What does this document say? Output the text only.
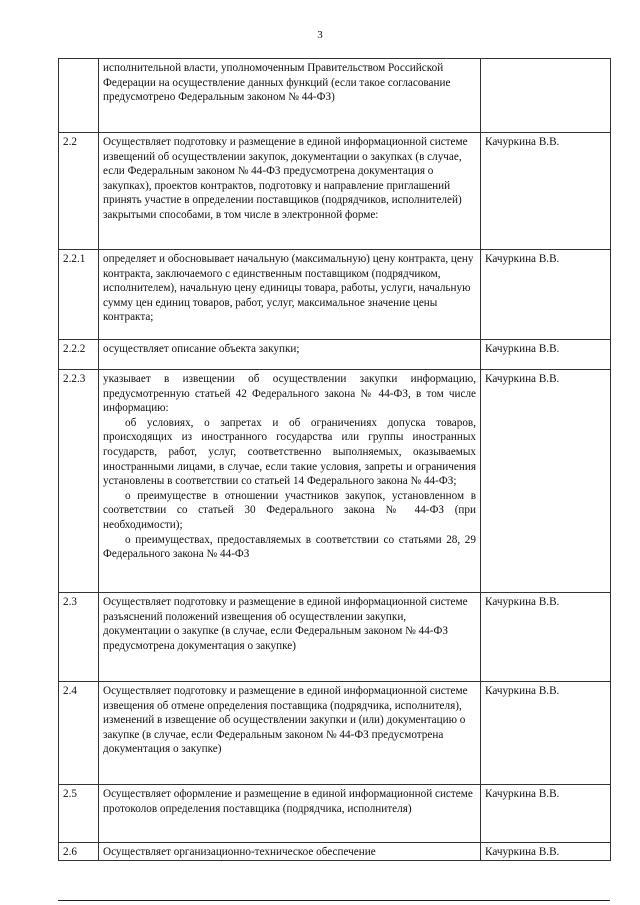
3
	исполнительной власти, уполномоченным Правительством Российской Федерации на осуществление данных функций (если такое согласование предусмотрено Федеральным законом № 44-ФЗ)	
2.2	Осуществляет подготовку и размещение в единой информационной системе извещений об осуществлении закупок, документации о закупках (в случае, если Федеральным законом № 44-ФЗ предусмотрена документация о закупках), проектов контрактов, подготовку и направление приглашений принять участие в определении поставщиков (подрядчиков, исполнителей) закрытыми способами, в том числе в электронной форме:	Качуркина В.В.
2.2.1	определяет и обосновывает начальную (максимальную) цену контракта, цену контракта, заключаемого с единственным поставщиком (подрядчиком, исполнителем), начальную цену единицы товара, работы, услуги, начальную сумму цен единиц товаров, работ, услуг, максимальное значение цены контракта;	Качуркина В.В.
2.2.2	осуществляет описание объекта закупки;	Качуркина В.В.
2.2.3	указывает в извещении об осуществлении закупки информацию, предусмотренную статьей 42 Федерального закона № 44-ФЗ, в том числе информацию:

об условиях, о запретах и об ограничениях допуска товаров, происходящих из иностранного государства или группы иностранных государств, работ, услуг, соответственно выполняемых, оказываемых иностранными лицами, в случае, если такие условия, запреты и ограничения установлены в соответствии со статьей 14 Федерального закона № 44-ФЗ;

о преимуществе в отношении участников закупок, установленном в соответствии со статьей 30 Федерального закона № 44-ФЗ (при необходимости);

о преимуществах, предоставляемых в соответствии со статьями 28, 29 Федерального закона № 44-ФЗ	Качуркина В.В.
2.3	Осуществляет подготовку и размещение в единой информационной системе разъяснений положений извещения об осуществлении закупки, документации о закупке (в случае, если Федеральным законом № 44-ФЗ предусмотрена документация о закупке)	Качуркина В.В.
2.4	Осуществляет подготовку и размещение в единой информационной системе извещения об отмене определения поставщика (подрядчика, исполнителя), изменений в извещение об осуществлении закупки и (или) документацию о закупке (в случае, если Федеральным законом № 44-ФЗ предусмотрена документация о закупке)	Качуркина В.В.
2.5	Осуществляет оформление и размещение в единой информационной системе протоколов определения поставщика (подрядчика, исполнителя)	Качуркина В.В.
2.6	Осуществляет организационно-техническое обеспечение	Качуркина В.В.
